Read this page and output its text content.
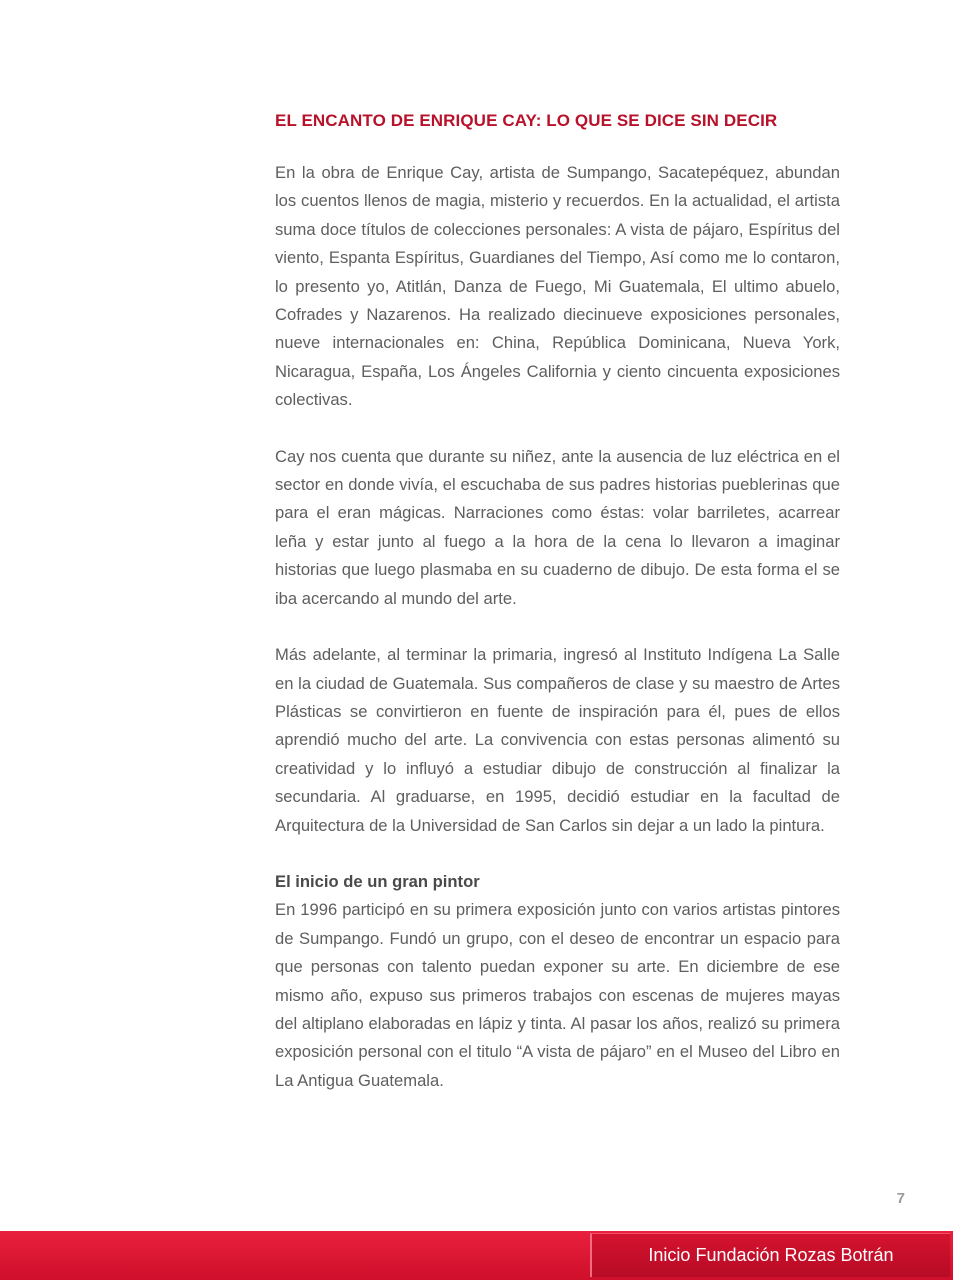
EL ENCANTO DE ENRIQUE CAY: LO QUE SE DICE SIN DECIR

En la obra de Enrique Cay, artista de Sumpango, Sacatepéquez, abundan los cuentos llenos de magia, misterio y recuerdos. En la actualidad, el artista suma doce títulos de colecciones personales: A vista de pájaro, Espíritus del viento, Espanta Espíritus, Guardianes del Tiempo, Así como me lo contaron, lo presento yo, Atitlán, Danza de Fuego, Mi Guatemala, El ultimo abuelo, Cofrades y Nazarenos. Ha realizado diecinueve exposiciones personales, nueve internacionales en: China, República Dominicana, Nueva York, Nicaragua, España, Los Ángeles California y ciento cincuenta exposiciones colectivas.

Cay nos cuenta que durante su niñez, ante la ausencia de luz eléctrica en el sector en donde vivía, el escuchaba de sus padres historias pueblerinas que para el eran mágicas. Narraciones como éstas: volar barriletes, acarrear leña y estar junto al fuego a la hora de la cena lo llevaron a imaginar historias que luego plasmaba en su cuaderno de dibujo. De esta forma el se iba acercando al mundo del arte.

Más adelante, al terminar la primaria, ingresó al Instituto Indígena La Salle en la ciudad de Guatemala. Sus compañeros de clase y su maestro de Artes Plásticas se convirtieron en fuente de inspiración para él, pues de ellos aprendió mucho del arte. La convivencia con estas personas alimentó su creatividad y lo influyó a estudiar dibujo de construcción al finalizar la secundaria. Al graduarse, en 1995, decidió estudiar en la facultad de Arquitectura de la Universidad de San Carlos sin dejar a un lado la pintura.

El inicio de un gran pintor

En 1996 participó en su primera exposición junto con varios artistas pintores de Sumpango. Fundó un grupo, con el deseo de encontrar un espacio para que personas con talento puedan exponer su arte. En diciembre de ese mismo año, expuso sus primeros trabajos con escenas de mujeres mayas del altiplano elaboradas en lápiz y tinta. Al pasar los años, realizó su primera exposición personal con el titulo “A vista de pájaro” en el Museo del Libro en La Antigua Guatemala.

7
Inicio Fundación Rozas Botrán
